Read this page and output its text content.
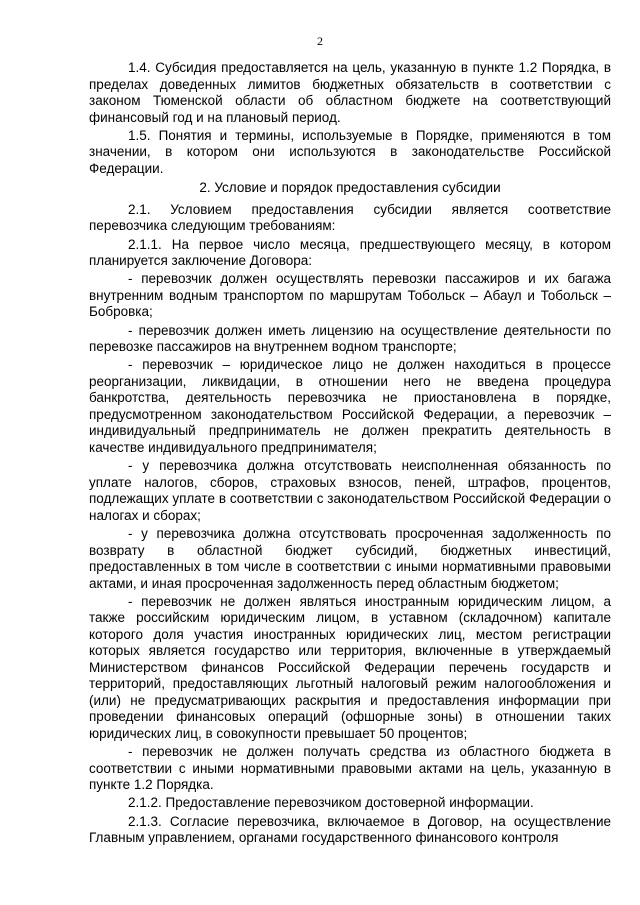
2

1.4. Субсидия предоставляется на цель, указанную в пункте 1.2 Порядка, в пределах доведенных лимитов бюджетных обязательств в соответствии с законом Тюменской области об областном бюджете на соответствующий финансовый год и на плановый период.

1.5. Понятия и термины, используемые в Порядке, применяются в том значении, в котором они используются в законодательстве Российской Федерации.

2. Условие и порядок предоставления субсидии

2.1. Условием предоставления субсидии является соответствие перевозчика следующим требованиям:

2.1.1. На первое число месяца, предшествующего месяцу, в котором планируется заключение Договора:

- перевозчик должен осуществлять перевозки пассажиров и их багажа внутренним водным транспортом по маршрутам Тобольск – Абаул и Тобольск – Бобровка;

- перевозчик должен иметь лицензию на осуществление деятельности по перевозке пассажиров на внутреннем водном транспорте;

- перевозчик – юридическое лицо не должен находиться в процессе реорганизации, ликвидации, в отношении него не введена процедура банкротства, деятельность перевозчика не приостановлена в порядке, предусмотренном законодательством Российской Федерации, а перевозчик – индивидуальный предприниматель не должен прекратить деятельность в качестве индивидуального предпринимателя;

- у перевозчика должна отсутствовать неисполненная обязанность по уплате налогов, сборов, страховых взносов, пеней, штрафов, процентов, подлежащих уплате в соответствии с законодательством Российской Федерации о налогах и сборах;

- у перевозчика должна отсутствовать просроченная задолженность по возврату в областной бюджет субсидий, бюджетных инвестиций, предоставленных в том числе в соответствии с иными нормативными правовыми актами, и иная просроченная задолженность перед областным бюджетом;

- перевозчик не должен являться иностранным юридическим лицом, а также российским юридическим лицом, в уставном (складочном) капитале которого доля участия иностранных юридических лиц, местом регистрации которых является государство или территория, включенные в утверждаемый Министерством финансов Российской Федерации перечень государств и территорий, предоставляющих льготный налоговый режим налогообложения и (или) не предусматривающих раскрытия и предоставления информации при проведении финансовых операций (офшорные зоны) в отношении таких юридических лиц, в совокупности превышает 50 процентов;

- перевозчик не должен получать средства из областного бюджета в соответствии с иными нормативными правовыми актами на цель, указанную в пункте 1.2 Порядка.

2.1.2. Предоставление перевозчиком достоверной информации.

2.1.3. Согласие перевозчика, включаемое в Договор, на осуществление Главным управлением, органами государственного финансового контроля
